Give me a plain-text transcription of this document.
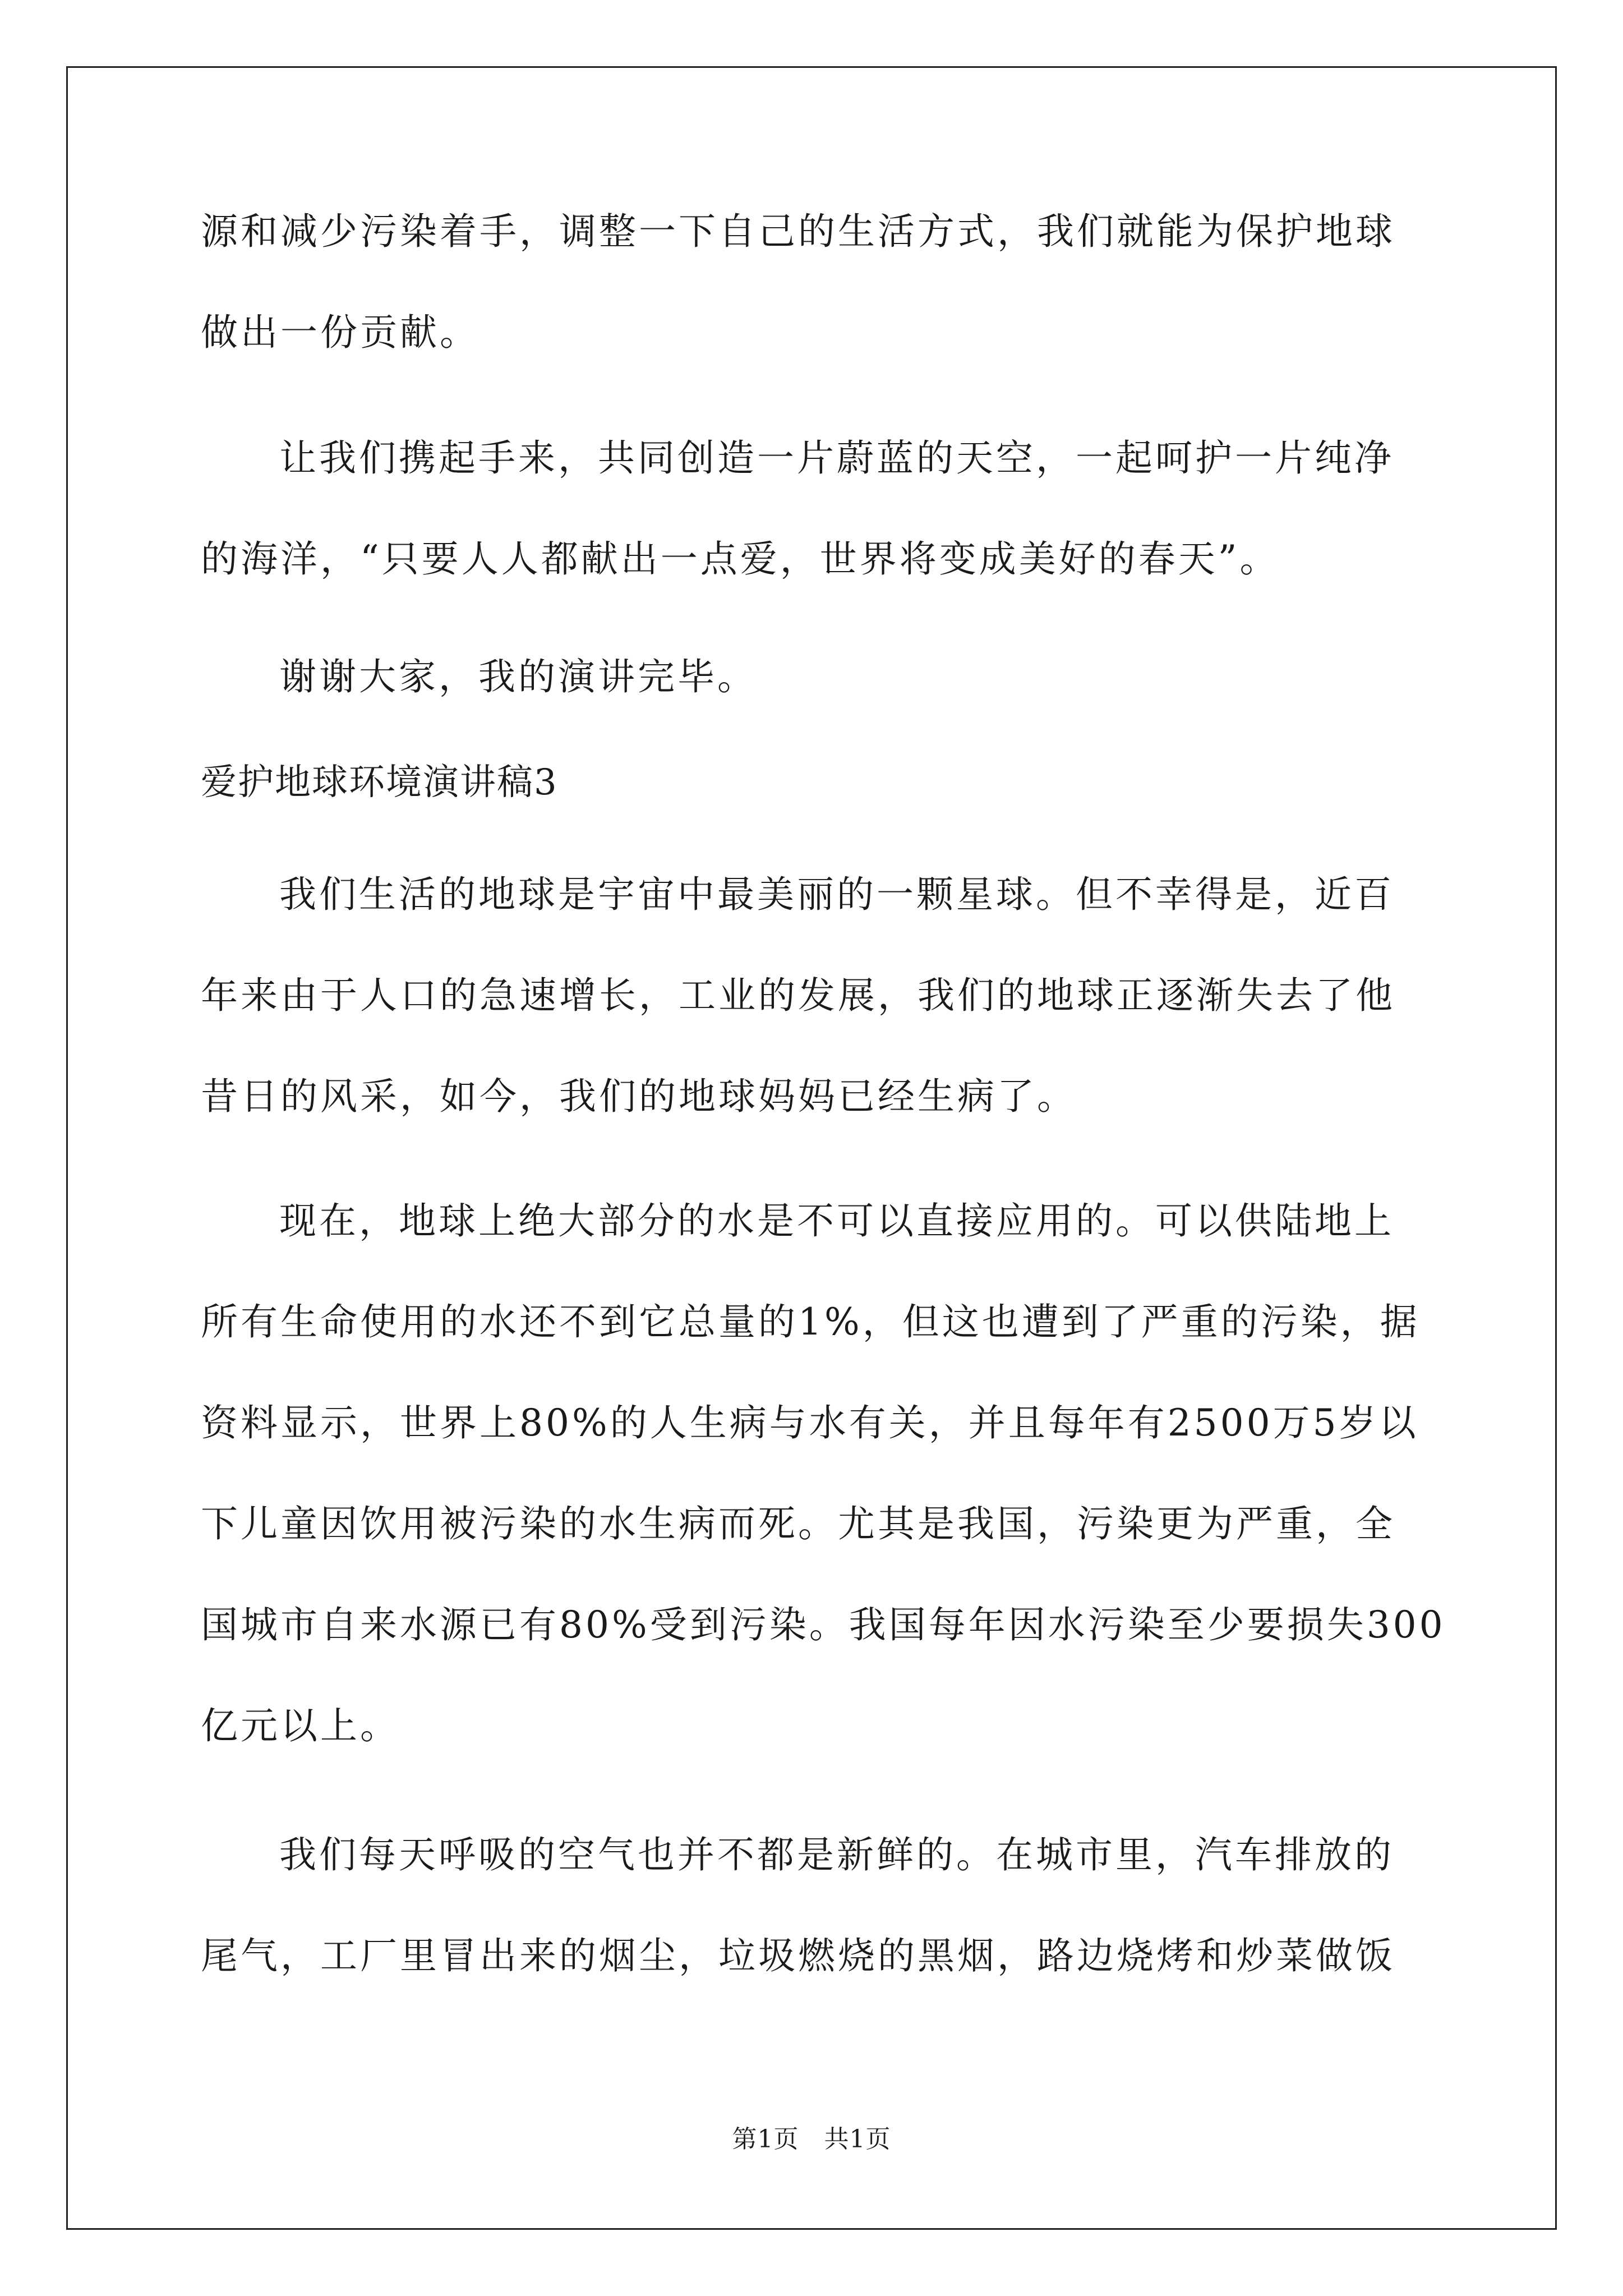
源和减少污染着手，调整一下自己的生活方式，我们就能为保护地球
做出一份贡献。
让我们携起手来，共同创造一片蔚蓝的天空，一起呵护一片纯净
的海洋，“只要人人都献出一点爱，世界将变成美好的春天”。
谢谢大家，我的演讲完毕。
爱护地球环境演讲稿3
我们生活的地球是宇宙中最美丽的一颗星球。但不幸得是，近百
年来由于人口的急速增长，工业的发展，我们的地球正逐渐失去了他
昔日的风采，如今，我们的地球妈妈已经生病了。
现在，地球上绝大部分的水是不可以直接应用的。可以供陆地上
所有生命使用的水还不到它总量的1%，但这也遭到了严重的污染，据
资料显示，世界上80%的人生病与水有关，并且每年有2500万5岁以
下儿童因饮用被污染的水生病而死。尤其是我国，污染更为严重，全
国城市自来水源已有80%受到污染。我国每年因水污染至少要损失300
亿元以上。
我们每天呼吸的空气也并不都是新鲜的。在城市里，汽车排放的
尾气，工厂里冒出来的烟尘，垃圾燃烧的黑烟，路边烧烤和炒菜做饭
第1页   共1页
